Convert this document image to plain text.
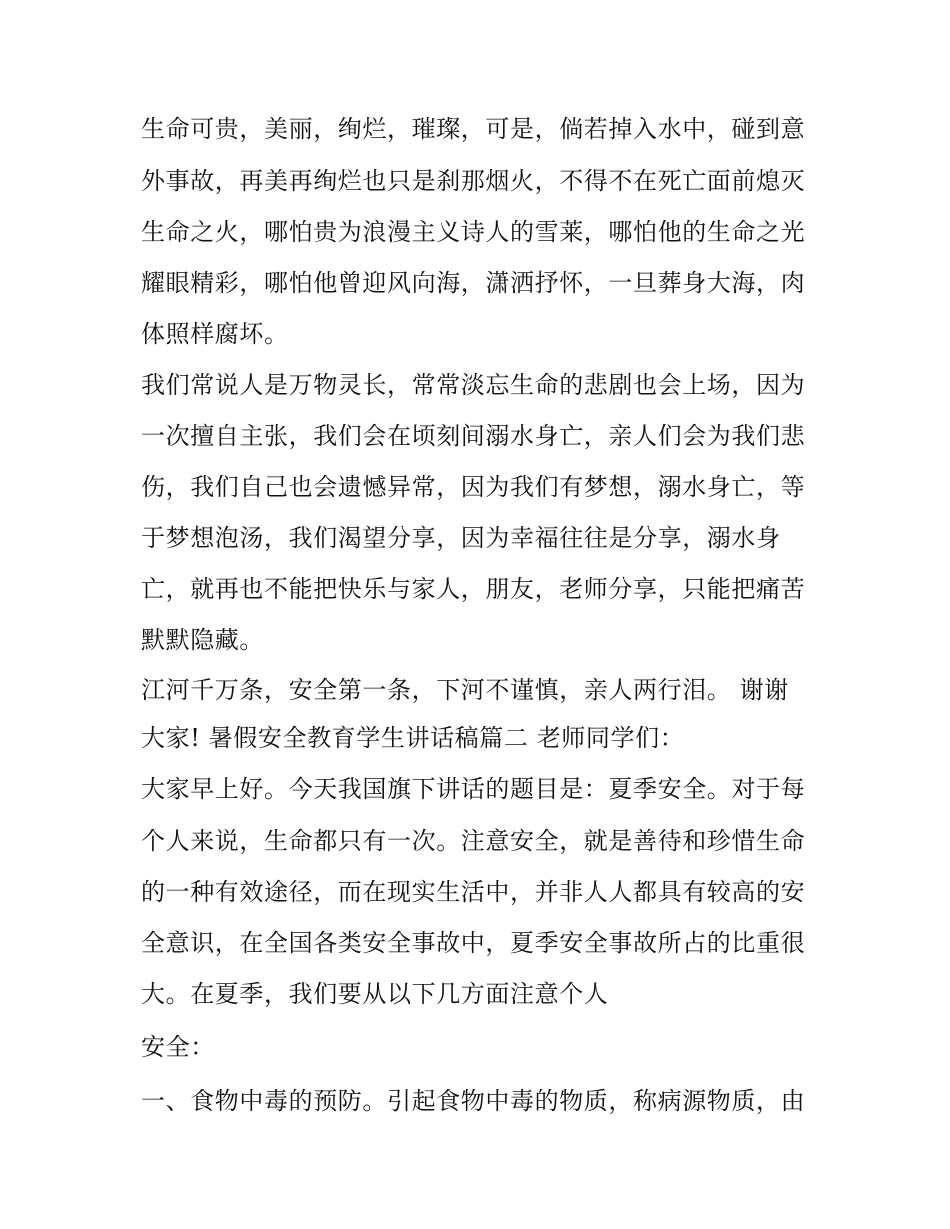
生命可贵，美丽，绚烂，璀璨，可是，倘若掉入水中，碰到意
外事故，再美再绚烂也只是刹那烟火，不得不在死亡面前熄灭
生命之火，哪怕贵为浪漫主义诗人的雪莱，哪怕他的生命之光
耀眼精彩，哪怕他曾迎风向海，潇洒抒怀，一旦葬身大海，肉
体照样腐坏。
我们常说人是万物灵长，常常淡忘生命的悲剧也会上场，因为
一次擅自主张，我们会在顷刻间溺水身亡，亲人们会为我们悲
伤，我们自己也会遗憾异常，因为我们有梦想，溺水身亡，等
于梦想泡汤，我们渴望分享，因为幸福往往是分享，溺水身
亡，就再也不能把快乐与家人，朋友，老师分享，只能把痛苦
默默隐藏。
江河千万条，安全第一条，下河不谨慎，亲人两行泪。 谢谢
大家! 暑假安全教育学生讲话稿篇二 老师同学们：
大家早上好。今天我国旗下讲话的题目是：夏季安全。对于每
个人来说，生命都只有一次。注意安全，就是善待和珍惜生命
的一种有效途径，而在现实生活中，并非人人都具有较高的安
全意识，在全国各类安全事故中，夏季安全事故所占的比重很
大。在夏季，我们要从以下几方面注意个人
安全：
一、食物中毒的预防。引起食物中毒的物质，称病源物质，由
